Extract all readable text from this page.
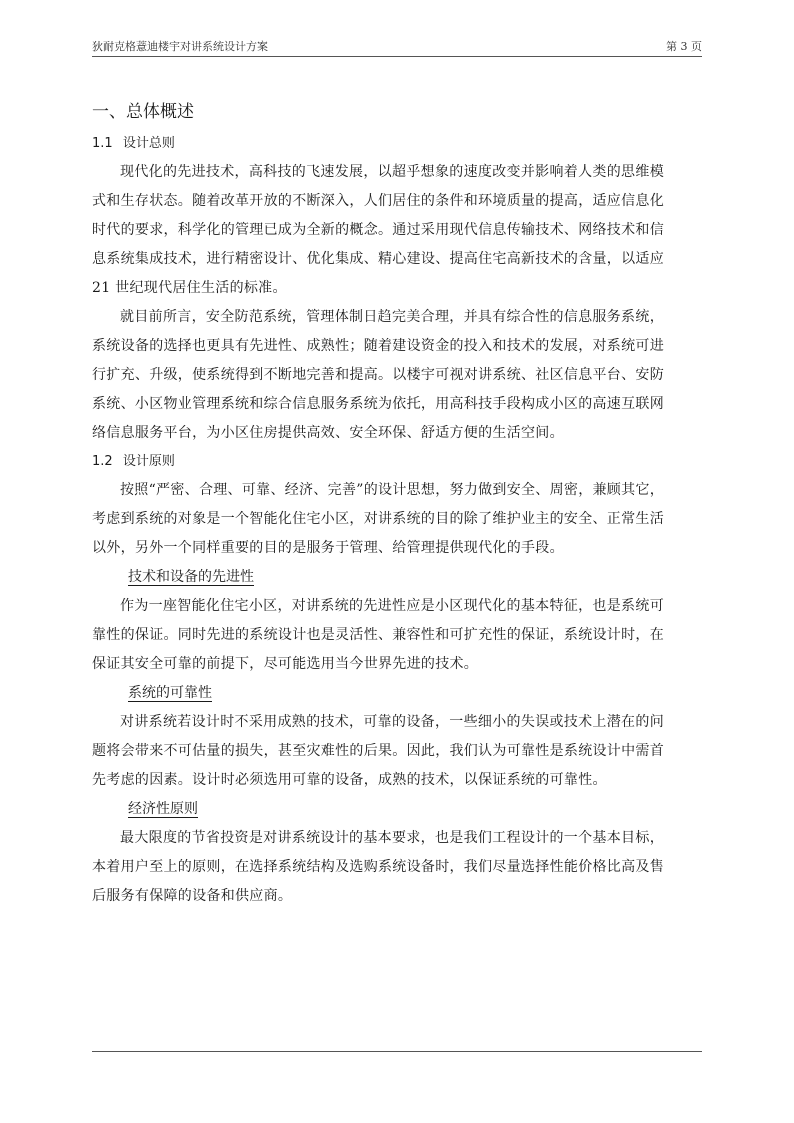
狄耐克格薏迪楼宇对讲系统设计方案	第 3 页
一、总体概述
1.1 设计总则

现代化的先进技术，高科技的飞速发展，以超乎想象的速度改变并影响着人类的思维模式和生存状态。随着改革开放的不断深入，人们居住的条件和环境质量的提高，适应信息化时代的要求，科学化的管理已成为全新的概念。通过采用现代信息传输技术、网络技术和信息系统集成技术，进行精密设计、优化集成、精心建设、提高住宅高新技术的含量，以适应 21 世纪现代居住生活的标准。

就目前所言，安全防范系统，管理体制日趋完美合理，并具有综合性的信息服务系统，系统设备的选择也更具有先进性、成熟性；随着建设资金的投入和技术的发展，对系统可进行扩充、升级，使系统得到不断地完善和提高。以楼宇可视对讲系统、社区信息平台、安防系统、小区物业管理系统和综合信息服务系统为依托，用高科技手段构成小区的高速互联网络信息服务平台，为小区住房提供高效、安全环保、舒适方便的生活空间。

1.2 设计原则

按照“严密、合理、可靠、经济、完善”的设计思想，努力做到安全、周密，兼顾其它，考虑到系统的对象是一个智能化住宅小区，对讲系统的目的除了维护业主的安全、正常生活以外，另外一个同样重要的目的是服务于管理、给管理提供现代化的手段。

技术和设备的先进性

作为一座智能化住宅小区，对讲系统的先进性应是小区现代化的基本特征，也是系统可靠性的保证。同时先进的系统设计也是灵活性、兼容性和可扩充性的保证，系统设计时，在保证其安全可靠的前提下，尽可能选用当今世界先进的技术。

系统的可靠性

对讲系统若设计时不采用成熟的技术，可靠的设备，一些细小的失误或技术上潜在的问题将会带来不可估量的损失，甚至灾难性的后果。因此，我们认为可靠性是系统设计中需首先考虑的因素。设计时必须选用可靠的设备，成熟的技术，以保证系统的可靠性。

经济性原则

最大限度的节省投资是对讲系统设计的基本要求，也是我们工程设计的一个基本目标，本着用户至上的原则，在选择系统结构及选购系统设备时，我们尽量选择性能价格比高及售后服务有保障的设备和供应商。
